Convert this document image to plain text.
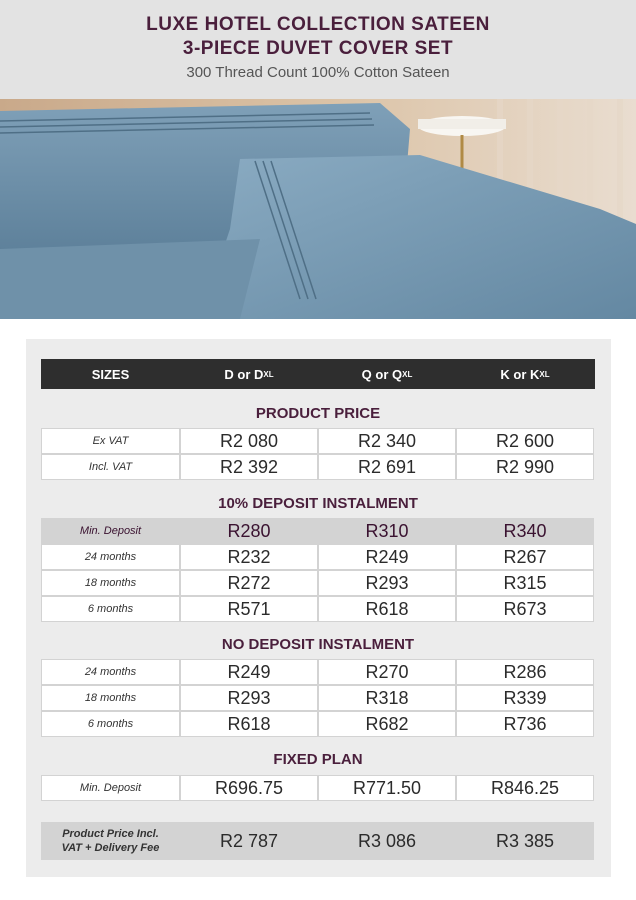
LUXE HOTEL COLLECTION SATEEN
3-PIECE DUVET COVER SET
300 Thread Count 100% Cotton Sateen
SIZES	D or D XL	Q or Q XL	K or K XL
PRODUCT PRICE
Ex VAT	R2 080	R2 340	R2 600
Incl. VAT	R2 392	R2 691	R2 990
10% DEPOSIT INSTALMENT
Min. Deposit	R280	R310	R340
24 months	R232	R249	R267
18 months	R272	R293	R315
6 months	R571	R618	R673
NO DEPOSIT INSTALMENT
24 months	R249	R270	R286
18 months	R293	R318	R339
6 months	R618	R682	R736
FIXED PLAN
Min. Deposit	R696.75	R771.50	R846.25
Product Price Incl.
VAT + Delivery Fee	R2 787	R3 086	R3 385
